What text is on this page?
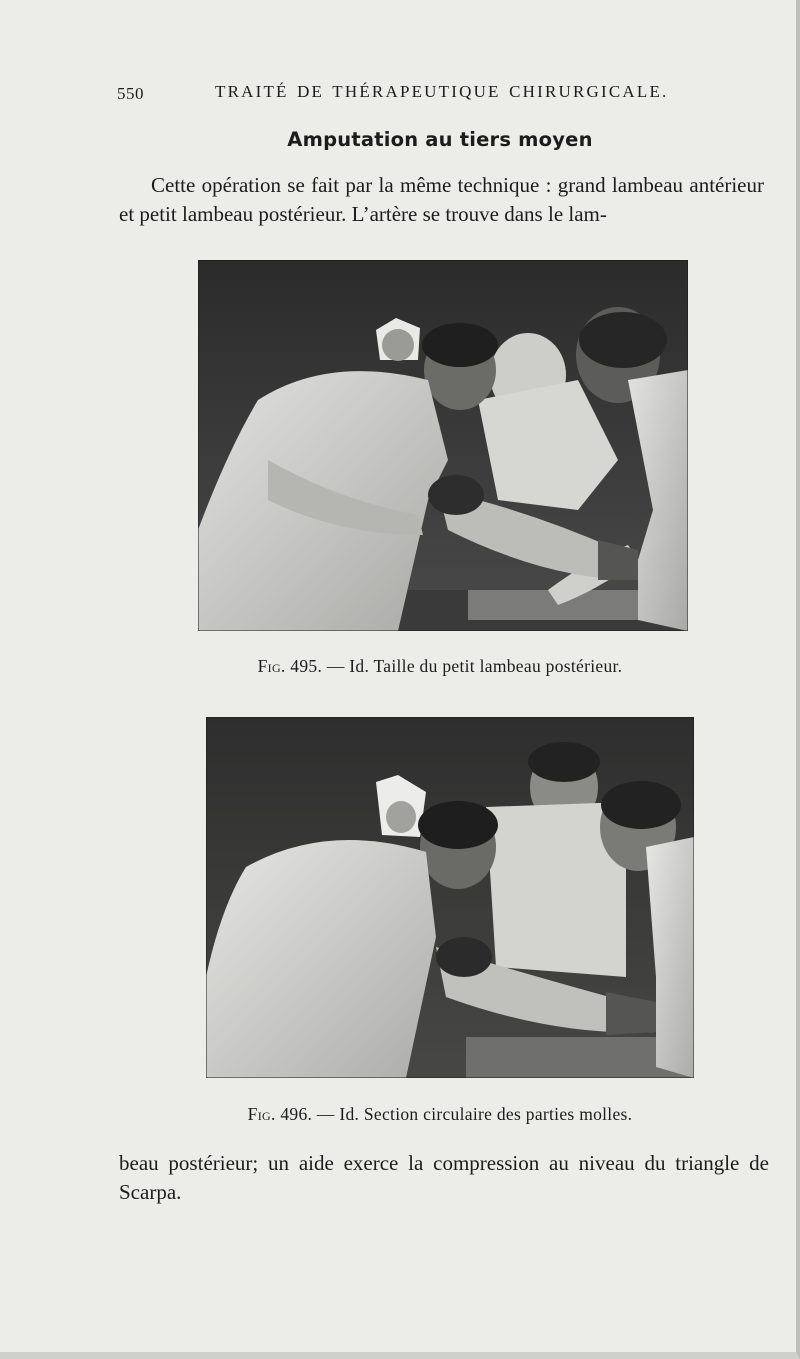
550	TRAITÉ DE THÉRAPEUTIQUE CHIRURGICALE.
Amputation au tiers moyen

Cette opération se fait par la même technique : grand lambeau antérieur et petit lambeau postérieur. L’artère se trouve dans le lam-

Fig. 495. — Id. Taille du petit lambeau postérieur.
Fig. 496. — Id. Section circulaire des parties molles.

beau postérieur; un aide exerce la compression au niveau du triangle de Scarpa.
